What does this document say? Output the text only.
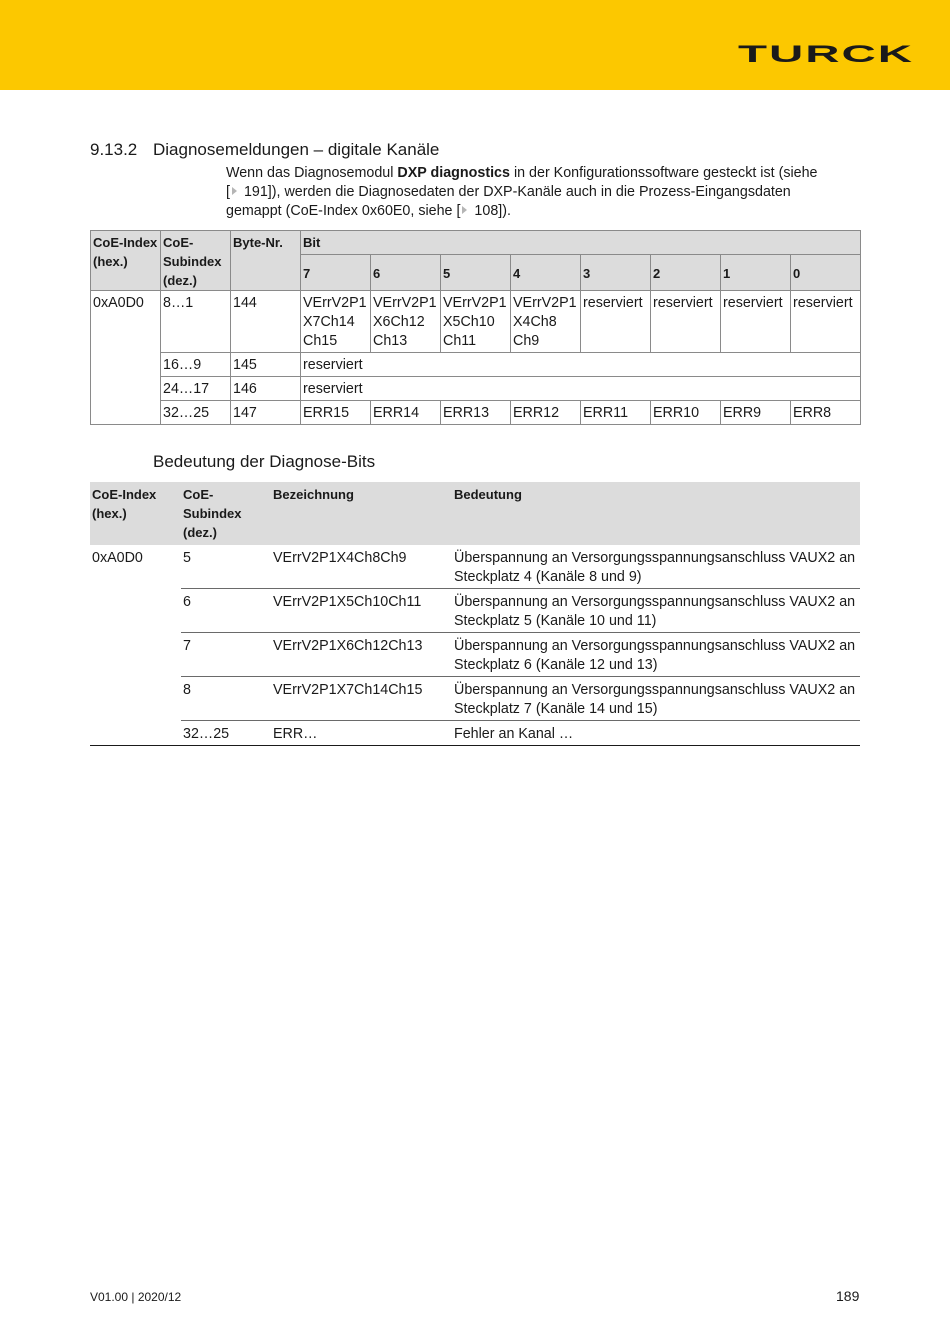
TURCK
9.13.2 Diagnosemeldungen – digitale Kanäle
Wenn das Diagnosemodul DXP diagnostics in der Konfigurationssoftware gesteckt ist (siehe
[ 191]), werden die Diagnosedaten der DXP-Kanäle auch in die Prozess-Eingangsdaten
gemappt (CoE-Index 0x60E0, siehe [ 108]).
CoE-Index (hex.)	CoE-Subindex (dez.)	Byte-Nr.	Bit							
			7	6	5	4	3	2	1	0
0xA0D0	8…1	144	VErrV2P1 X7Ch14 Ch15	VErrV2P1 X6Ch12 Ch13	VErrV2P1 X5Ch10 Ch11	VErrV2P1 X4Ch8 Ch9	reserviert	reserviert	reserviert	reserviert
	16…9	145	reserviert							
	24…17	146	reserviert							
	32…25	147	ERR15	ERR14	ERR13	ERR12	ERR11	ERR10	ERR9	ERR8
Bedeutung der Diagnose-Bits
CoE-Index (hex.)	CoE-Subindex (dez.)	Bezeichnung	Bedeutung
0xA0D0	5	VErrV2P1X4Ch8Ch9	Überspannung an Versorgungsspannungsanschluss VAUX2 an Steckplatz 4 (Kanäle 8 und 9)
	6	VErrV2P1X5Ch10Ch11	Überspannung an Versorgungsspannungsanschluss VAUX2 an Steckplatz 5 (Kanäle 10 und 11)
	7	VErrV2P1X6Ch12Ch13	Überspannung an Versorgungsspannungsanschluss VAUX2 an Steckplatz 6 (Kanäle 12 und 13)
	8	VErrV2P1X7Ch14Ch15	Überspannung an Versorgungsspannungsanschluss VAUX2 an Steckplatz 7 (Kanäle 14 und 15)
	32…25	ERR…	Fehler an Kanal …
V01.00 | 2020/12	189
